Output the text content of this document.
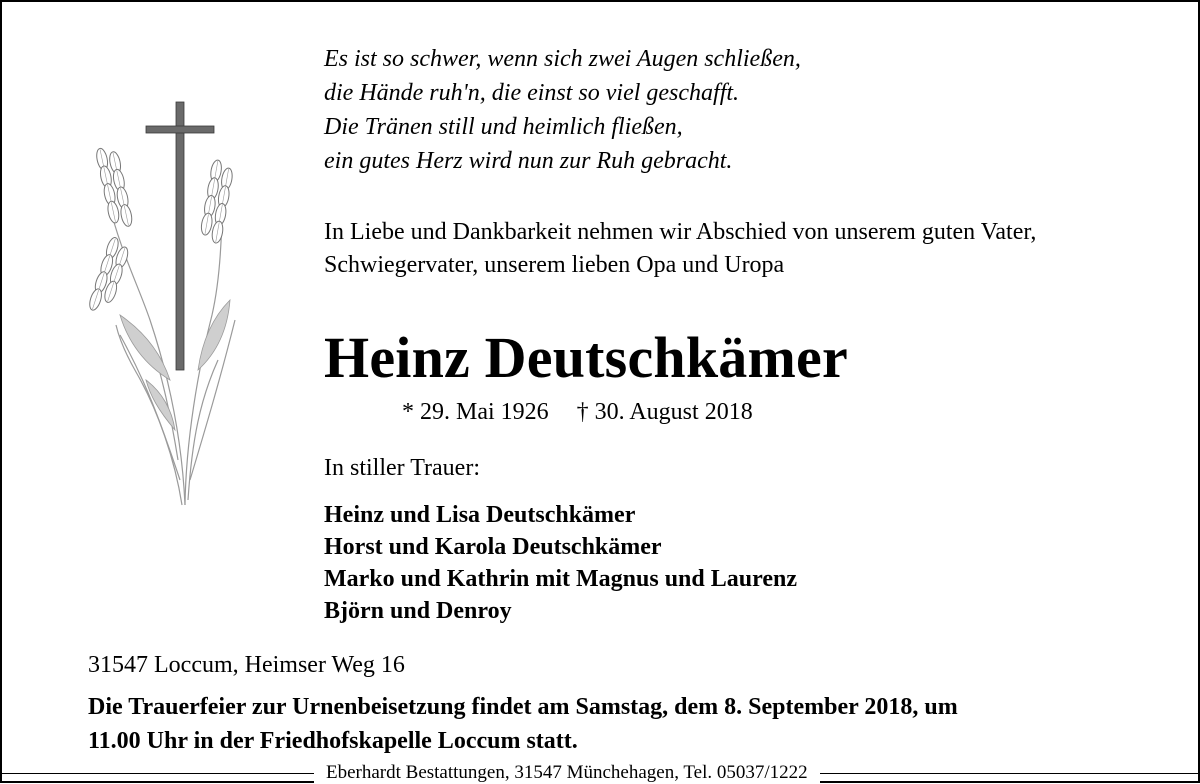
Es ist so schwer, wenn sich zwei Augen schließen,
die Hände ruh'n, die einst so viel geschafft.
Die Tränen still und heimlich fließen,
ein gutes Herz wird nun zur Ruh gebracht.
In Liebe und Dankbarkeit nehmen wir Abschied von unserem guten Vater,
Schwiegervater, unserem lieben Opa und Uropa
Heinz Deutschkämer
* 29. Mai 1926 † 30. August 2018
In stiller Trauer:
Heinz und Lisa Deutschkämer
Horst und Karola Deutschkämer
Marko und Kathrin mit Magnus und Laurenz
Björn und Denroy
31547 Loccum, Heimser Weg 16
Die Trauerfeier zur Urnenbeisetzung findet am Samstag, dem 8. September 2018, um
11.00 Uhr in der Friedhofskapelle Loccum statt.
Eberhardt Bestattungen, 31547 Münchehagen, Tel. 05037/1222
